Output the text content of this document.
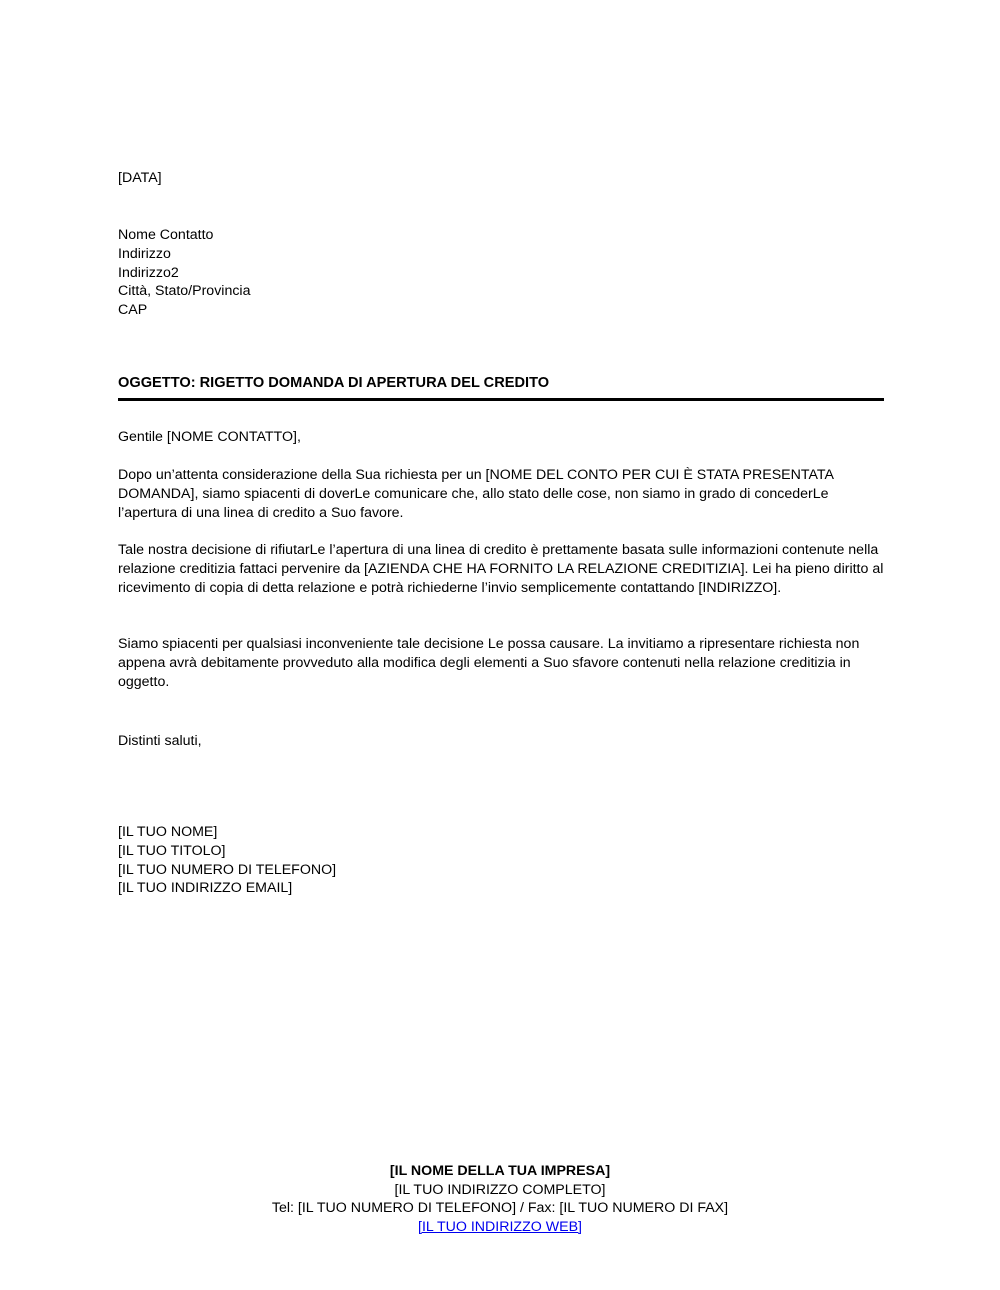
[DATA]
Nome Contatto
Indirizzo
Indirizzo2
Città, Stato/Provincia
CAP
OGGETTO: RIGETTO DOMANDA DI APERTURA DEL CREDITO
Gentile [NOME CONTATTO],

Dopo un’attenta considerazione della Sua richiesta per un [NOME DEL CONTO PER CUI È STATA PRESENTATA DOMANDA], siamo spiacenti di doverLe comunicare che, allo stato delle cose, non siamo in grado di concederLe l’apertura di una linea di credito a Suo favore.

Tale nostra decisione di rifiutarLe l’apertura di una linea di credito è prettamente basata sulle informazioni contenute nella relazione creditizia fattaci pervenire da [AZIENDA CHE HA FORNITO LA RELAZIONE CREDITIZIA]. Lei ha pieno diritto al ricevimento di copia di detta relazione e potrà richiederne l’invio semplicemente contattando [INDIRIZZO].

Siamo spiacenti per qualsiasi inconveniente tale decisione Le possa causare. La invitiamo a ripresentare richiesta non appena avrà debitamente provveduto alla modifica degli elementi a Suo sfavore contenuti nella relazione creditizia in oggetto.

Distinti saluti,
[IL TUO NOME]
[IL TUO TITOLO]
[IL TUO NUMERO DI TELEFONO]
[IL TUO INDIRIZZO EMAIL]
[IL NOME DELLA TUA IMPRESA]
[IL TUO INDIRIZZO COMPLETO]
Tel: [IL TUO NUMERO DI TELEFONO] / Fax: [IL TUO NUMERO DI FAX]
[IL TUO INDIRIZZO WEB]
